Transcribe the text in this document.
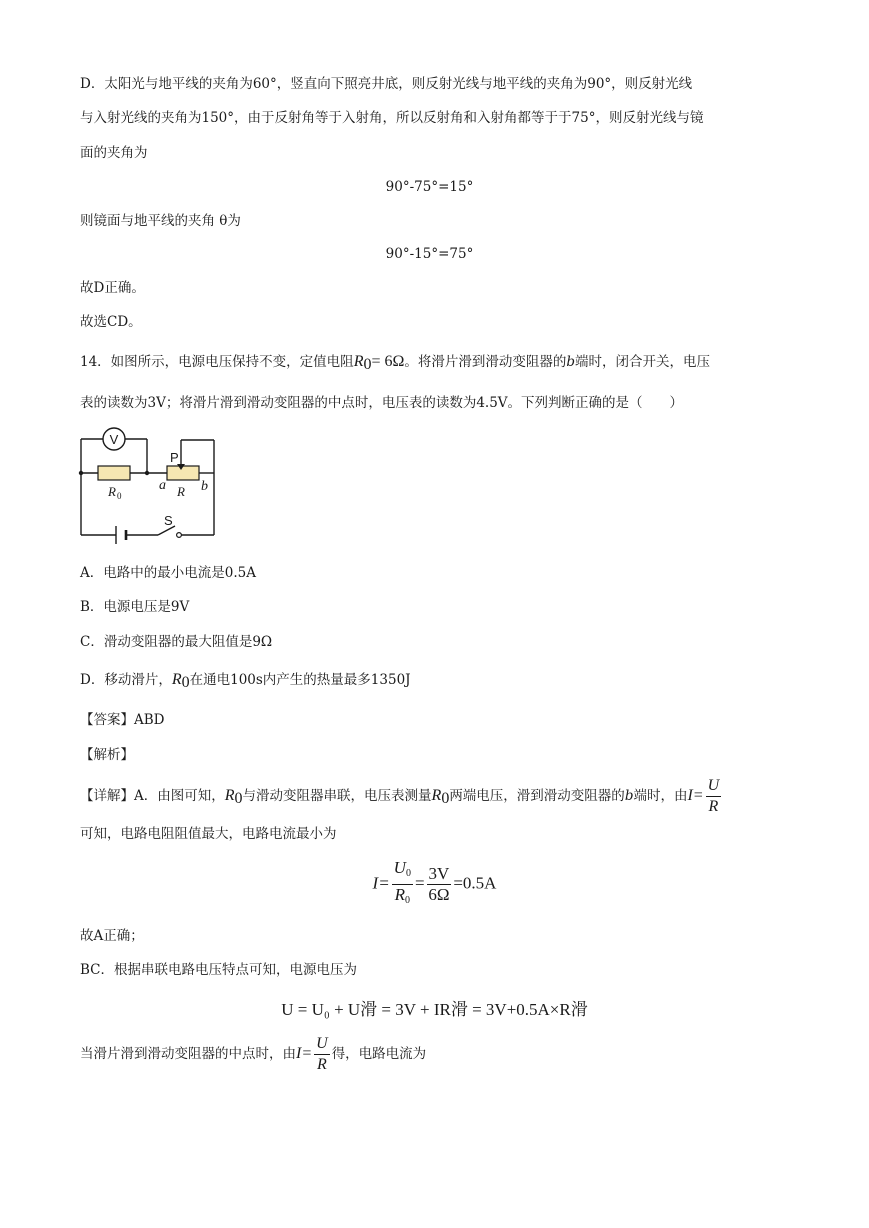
D．太阳光与地平线的夹角为60°，竖直向下照亮井底，则反射光线与地平线的夹角为90°，则反射光线
与入射光线的夹角为150°，由于反射角等于入射角，所以反射角和入射角都等于于75°，则反射光线与镜
面的夹角为
90°-75°=15°
则镜面与地平线的夹角 θ为
90°-15°=75°
故D正确。
故选CD。
14．如图所示，电源电压保持不变，定值电阻$R_0= 6\Omega$。将滑片滑到滑动变阻器的b端时，闭合开关，电压
表的读数为3V；将滑片滑到滑动变阻器的中点时，电压表的读数为4.5V。下列判断正确的是（　　）
V
P
R 0
a R b
S
A．电路中的最小电流是0.5A
B．电源电压是9V
C．滑动变阻器的最大阻值是9Ω
D．移动滑片，$R_0$在通电100s内产生的热量最多1350J
【答案】ABD
【解析】
【详解】A．由图可知，$R_0$与滑动变阻器串联，电压表测量$R_0$两端电压，滑到滑动变阻器的b端时，由$I= \frac{U}{R}$
可知，电路电阻阻值最大，电路电流最小为
$I= \frac{U_0}{R_0} = \frac{3V}{6\Omega} =0.5A$
故A正确；
BC．根据串联电路电压特点可知，电源电压为
U = U₀ + U滑 = 3V + IR滑 = 3V+0.5A×R滑
当滑片滑到滑动变阻器的中点时，由$I= \frac{U}{R}$ 得，电路电流为
